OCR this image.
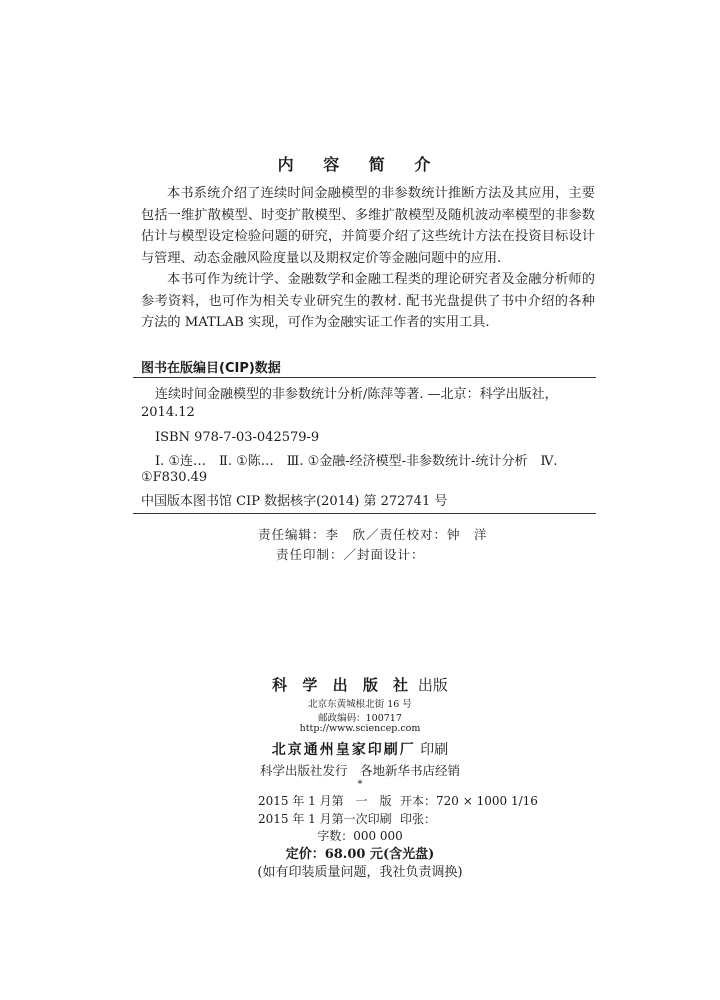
内 容 简 介

本书系统介绍了连续时间金融模型的非参数统计推断方法及其应用，主要包括一维扩散模型、时变扩散模型、多维扩散模型及随机波动率模型的非参数估计与模型设定检验问题的研究，并简要介绍了这些统计方法在投资目标设计与管理、动态金融风险度量以及期权定价等金融问题中的应用.

本书可作为统计学、金融数学和金融工程类的理论研究者及金融分析师的参考资料，也可作为相关专业研究生的教材. 配书光盘提供了书中介绍的各种方法的 MATLAB 实现，可作为金融实证工作者的实用工具.

图书在版编目(CIP)数据
连续时间金融模型的非参数统计分析/陈萍等著. —北京：科学出版社，
2014.12
ISBN 978-7-03-042579-9
Ⅰ. ①连…　Ⅱ. ①陈…　Ⅲ. ①金融-经济模型-非参数统计-统计分析　Ⅳ.
①F830.49
中国版本图书馆 CIP 数据核字(2014) 第 272741 号
责任编辑：李　欣／责任校对：钟　洋
责任印制：／封面设计：
科 学 出 版 社 出版
北京东黄城根北街 16 号
邮政编码：100717
http://www.sciencep.com
北京通州皇家印刷厂 印刷
科学出版社发行　各地新华书店经销
*
2015 年 1 月第　一　版 开本：720 × 1000 1/16
2015 年 1 月第一次印刷 印张：
字数：000 000
定价：68.00 元(含光盘)
(如有印装质量问题，我社负责调换)
